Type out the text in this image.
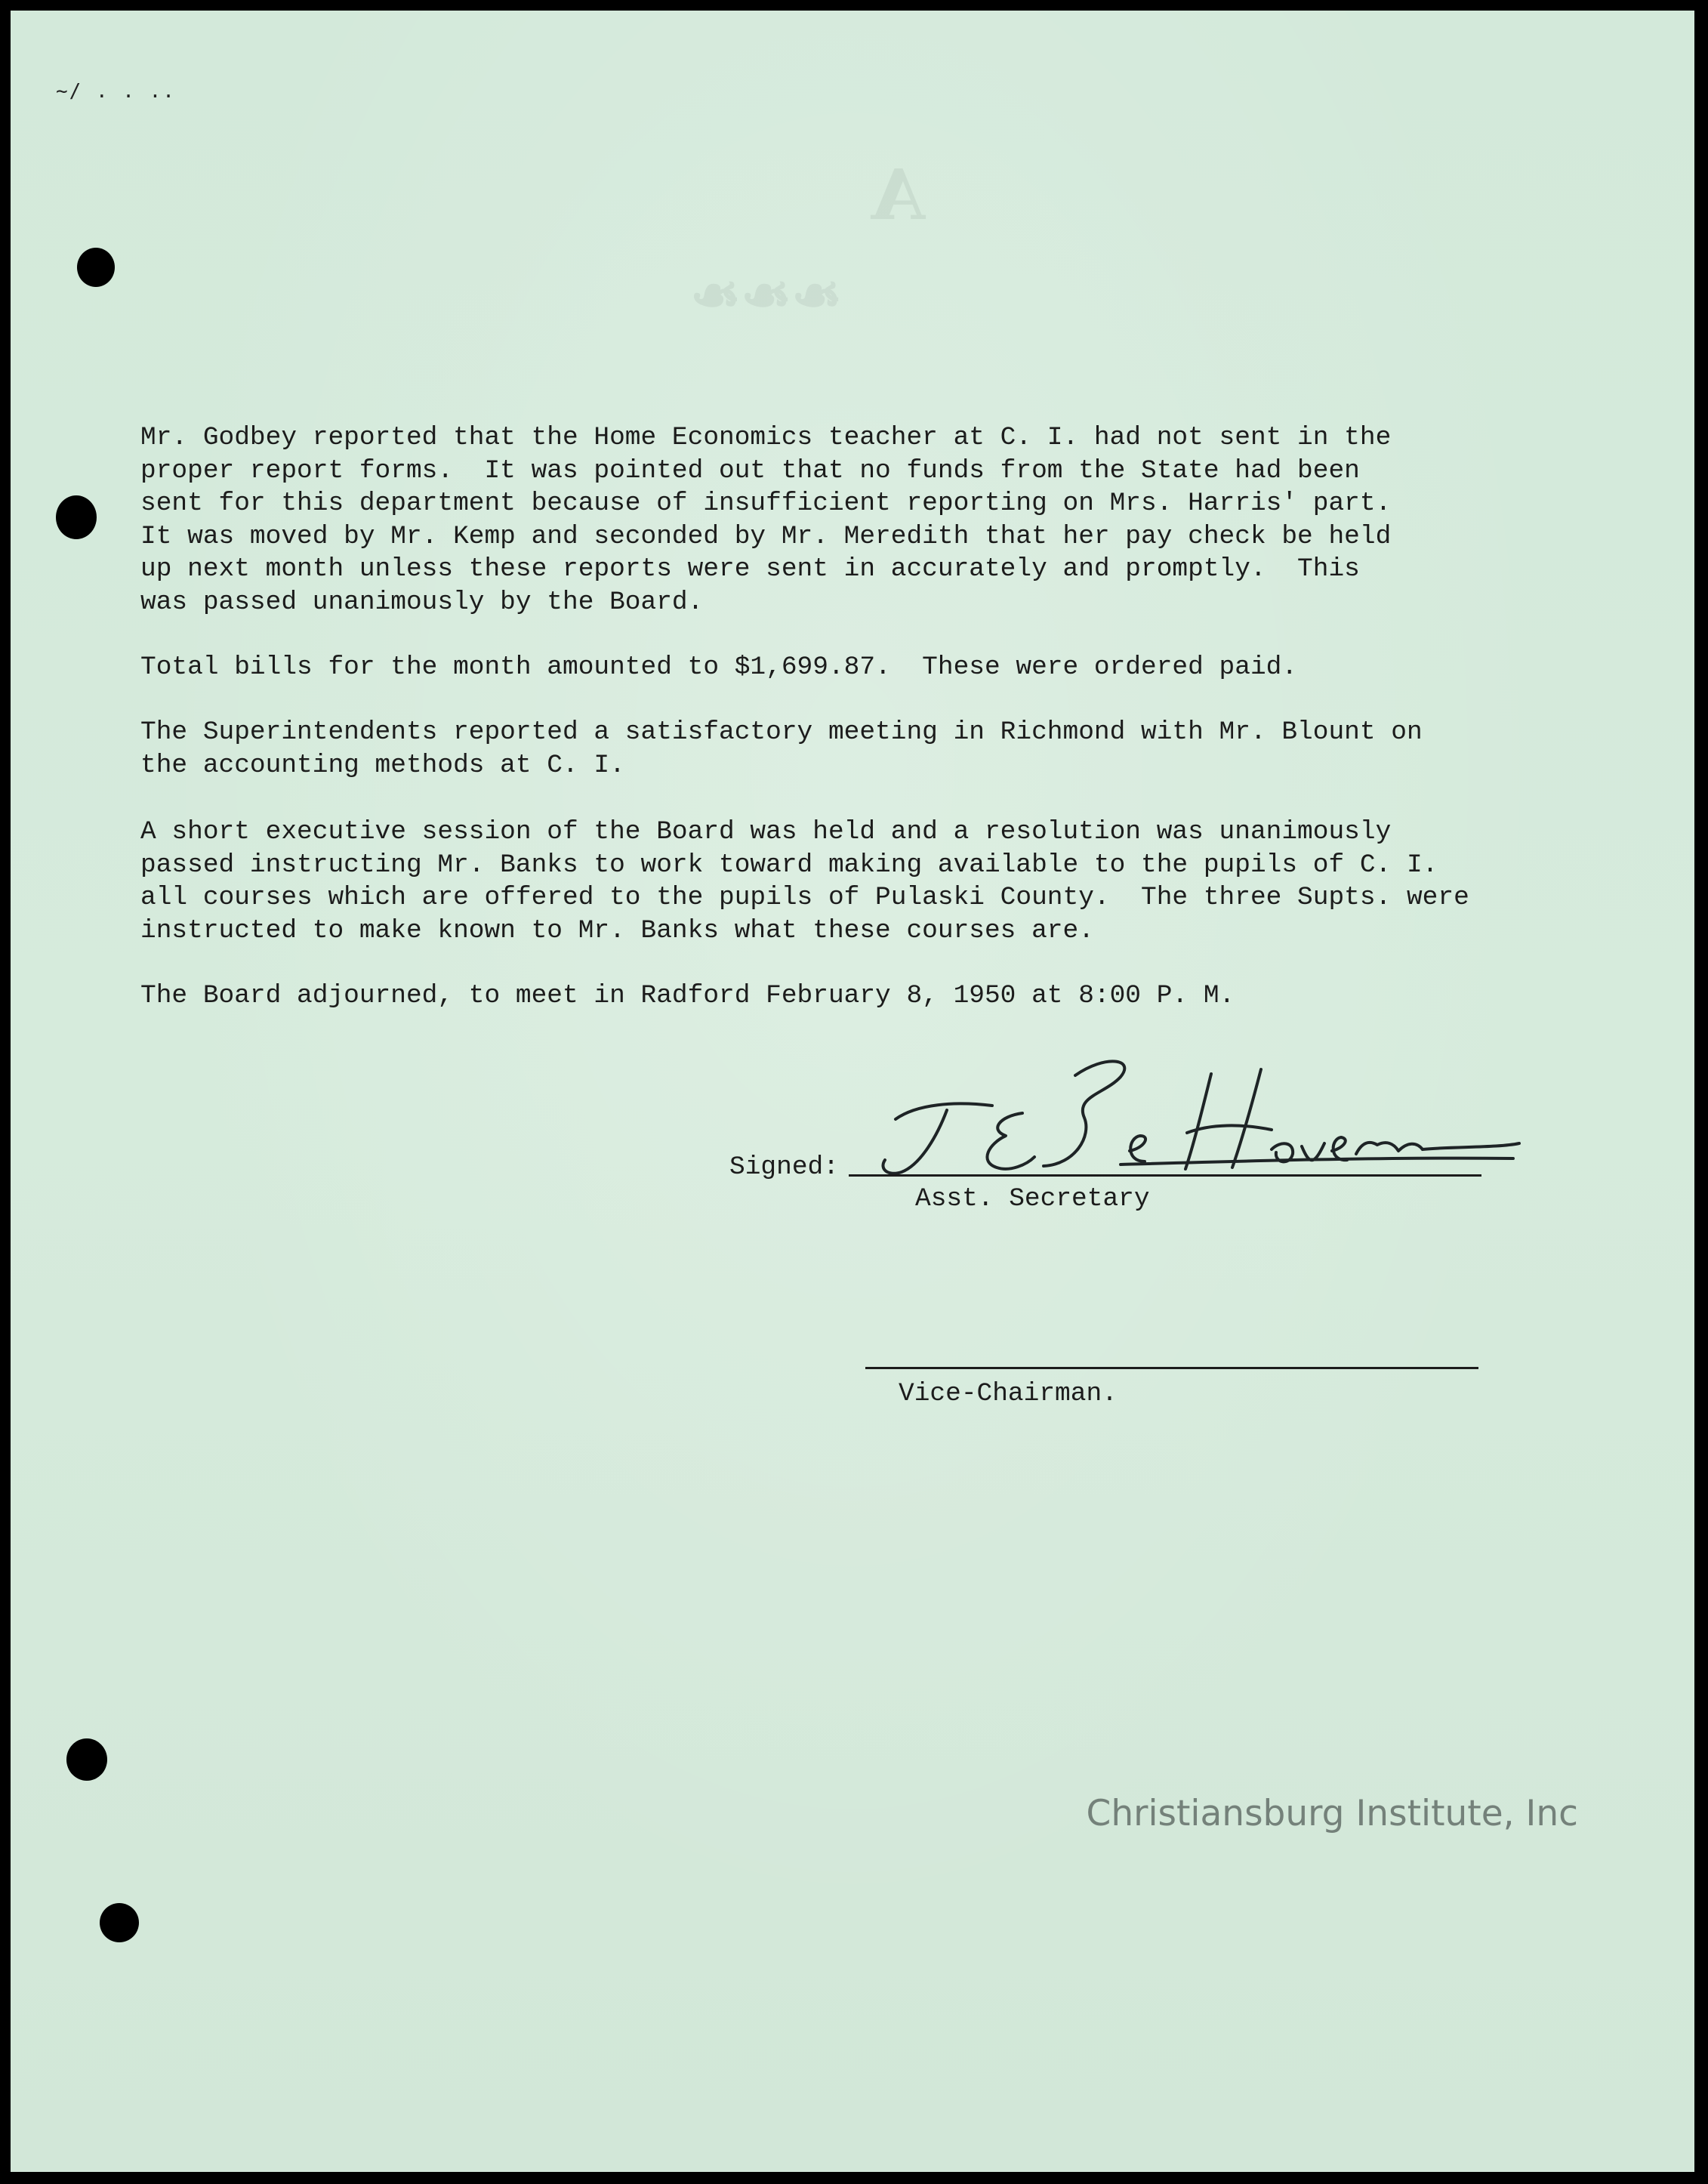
A
❧❧❧
~/ . . ..
Mr. Godbey reported that the Home Economics teacher at C. I. had not sent in the
proper report forms.  It was pointed out that no funds from the State had been
sent for this department because of insufficient reporting on Mrs. Harris' part.
It was moved by Mr. Kemp and seconded by Mr. Meredith that her pay check be held
up next month unless these reports were sent in accurately and promptly.  This
was passed unanimously by the Board.
Total bills for the month amounted to $1,699.87.  These were ordered paid.
The Superintendents reported a satisfactory meeting in Richmond with Mr. Blount on
the accounting methods at C. I.
A short executive session of the Board was held and a resolution was unanimously
passed instructing Mr. Banks to work toward making available to the pupils of C. I.
all courses which are offered to the pupils of Pulaski County.  The three Supts. were
instructed to make known to Mr. Banks what these courses are.
The Board adjourned, to meet in Radford February 8, 1950 at 8:00 P. M.
Signed:
Asst. Secretary
Vice-Chairman.
Christiansburg Institute, Inc
